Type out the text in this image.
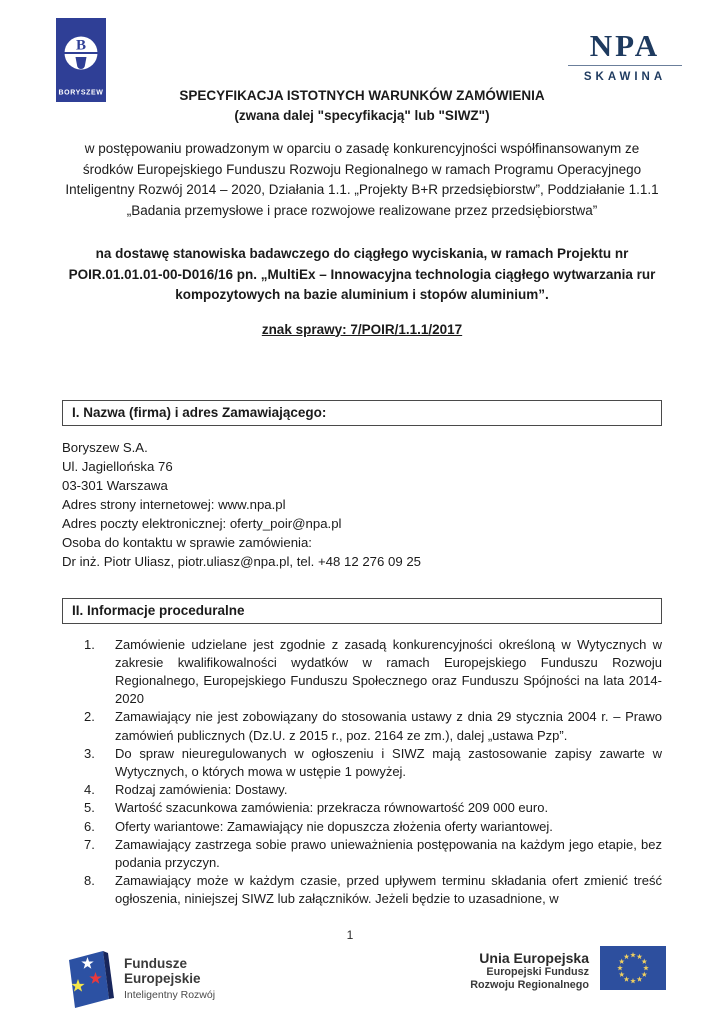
B
BORYSZEW
NPA
SKAWINA
SPECYFIKACJA ISTOTNYCH WARUNKÓW ZAMÓWIENIA
(zwana dalej "specyfikacją" lub "SIWZ")
w postępowaniu prowadzonym w oparciu o zasadę konkurencyjności współfinansowanym ze środków Europejskiego Funduszu Rozwoju Regionalnego w ramach Programu Operacyjnego Inteligentny Rozwój 2014 – 2020, Działania 1.1. „Projekty B+R przedsiębiorstw”, Poddziałanie 1.1.1 „Badania przemysłowe i prace rozwojowe realizowane przez przedsiębiorstwa”
na dostawę stanowiska badawczego do ciągłego wyciskania, w ramach Projektu nr POIR.01.01.01-00-D016/16 pn. „MultiEx – Innowacyjna technologia ciągłego wytwarzania rur kompozytowych na bazie aluminium i stopów aluminium”.
znak sprawy: 7/POIR/1.1.1/2017
I. Nazwa (firma) i adres Zamawiającego:
Boryszew S.A.
Ul. Jagiellońska 76
03-301 Warszawa
Adres strony internetowej: www.npa.pl
Adres poczty elektronicznej: oferty_poir@npa.pl
Osoba do kontaktu w sprawie zamówienia:
Dr inż. Piotr Uliasz, piotr.uliasz@npa.pl, tel. +48 12 276 09 25
II. Informacje proceduralne
1. Zamówienie udzielane jest zgodnie z zasadą konkurencyjności określoną w Wytycznych w zakresie kwalifikowalności wydatków w ramach Europejskiego Funduszu Rozwoju Regionalnego, Europejskiego Funduszu Społecznego oraz Funduszu Spójności na lata 2014-2020
2. Zamawiający nie jest zobowiązany do stosowania ustawy z dnia 29 stycznia 2004 r. – Prawo zamówień publicznych (Dz.U. z 2015 r., poz. 2164 ze zm.), dalej „ustawa Pzp”.
3. Do spraw nieuregulowanych w ogłoszeniu i SIWZ mają zastosowanie zapisy zawarte w Wytycznych, o których mowa w ustępie 1 powyżej.
4. Rodzaj zamówienia: Dostawy.
5. Wartość szacunkowa zamówienia: przekracza równowartość 209 000 euro.
6. Oferty wariantowe: Zamawiający nie dopuszcza złożenia oferty wariantowej.
7. Zamawiający zastrzega sobie prawo unieważnienia postępowania na każdym jego etapie, bez podania przyczyn.
8. Zamawiający może w każdym czasie, przed upływem terminu składania ofert zmienić treść ogłoszenia, niniejszej SIWZ lub załączników. Jeżeli będzie to uzasadnione, w
1
Fundusze
Europejskie
Inteligentny Rozwój
Unia Europejska
Europejski Fundusz
Rozwoju Regionalnego
